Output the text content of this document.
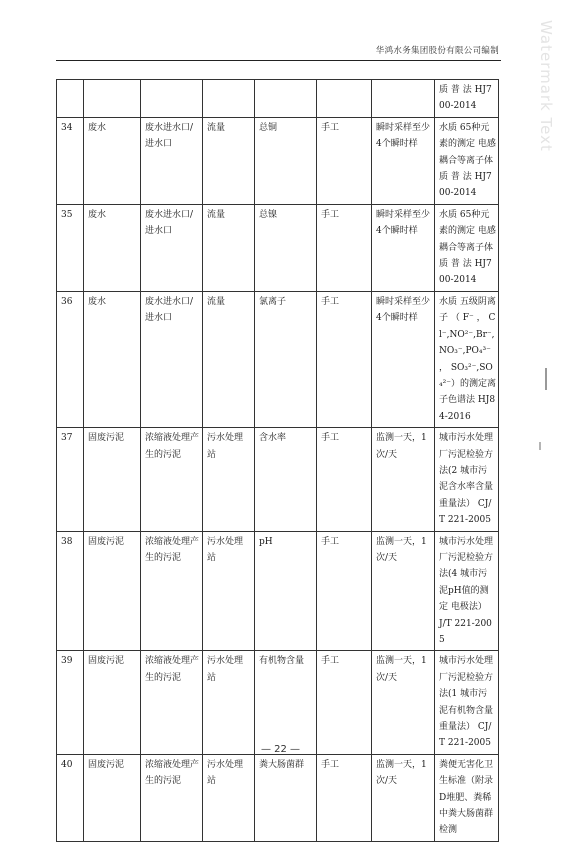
Watermark Text
华鸿水务集团股份有限公司编制
							质 普 法 HJ700-2014
34	废水	废水进水口/进水口	流量	总铜	手工	瞬时采样至少4个瞬时样	水质 65种元素的测定 电感耦合等离子体质 普 法 HJ700-2014
35	废水	废水进水口/进水口	流量	总镍	手工	瞬时采样至少4个瞬时样	水质 65种元素的测定 电感耦合等离子体质 普 法 HJ700-2014
36	废水	废水进水口/进水口	流量	氯离子	手工	瞬时采样至少4个瞬时样	水质 五级阴离子 （ F⁻ ， Cl⁻,NO²⁻,Br⁻,NO₃⁻,PO₄³⁻ ， SO₃²⁻,SO₄²⁻）的测定离子色谱法 HJ84-2016
37	固废污泥	浓缩液处理产生的污泥	污水处理站	含水率	手工	监测一天，1次/天	城市污水处理厂污泥检验方法(2 城市污泥含水率含量 重量法） CJ/T 221-2005
38	固废污泥	浓缩液处理产生的污泥	污水处理站	pH	手工	监测一天，1次/天	城市污水处理厂污泥检验方法(4 城市污泥pH值的测定 电极法） J/T 221-2005
39	固废污泥	浓缩液处理产生的污泥	污水处理站	有机物含量	手工	监测一天，1次/天	城市污水处理厂污泥检验方法(1 城市污泥有机物含量 重量法） CJ/T 221-2005
40	固废污泥	浓缩液处理产生的污泥	污水处理站	粪大肠菌群	手工	监测一天，1次/天	粪便无害化卫生标准（附录D堆肥、粪稀中粪大肠菌群检测
— 22 —
